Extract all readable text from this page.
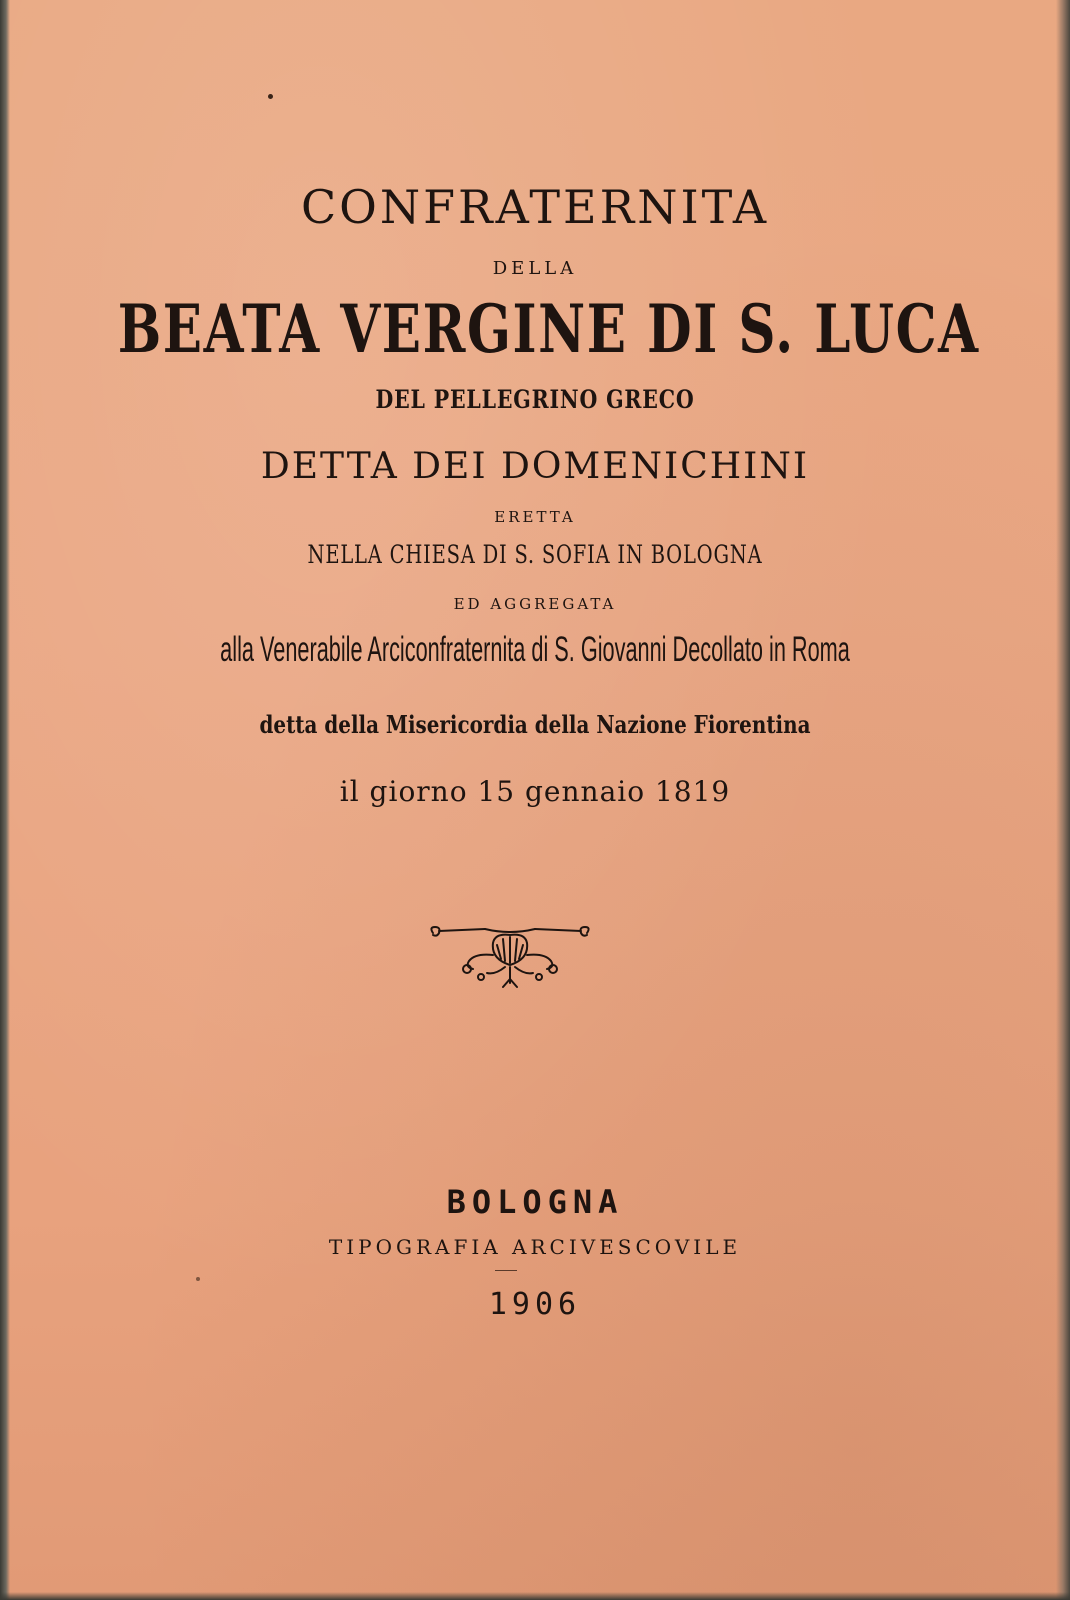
CONFRATERNITA
DELLA
BEATA VERGINE DI S. LUCA
DEL PELLEGRINO GRECO
DETTA DEI DOMENICHINI
ERETTA
NELLA CHIESA DI S. SOFIA IN BOLOGNA
ED AGGREGATA
alla Venerabile Arciconfraternita di S. Giovanni Decollato in Roma
detta della Misericordia della Nazione Fiorentina
il giorno 15 gennaio 1819
BOLOGNA
TIPOGRAFIA ARCIVESCOVILE
1906
